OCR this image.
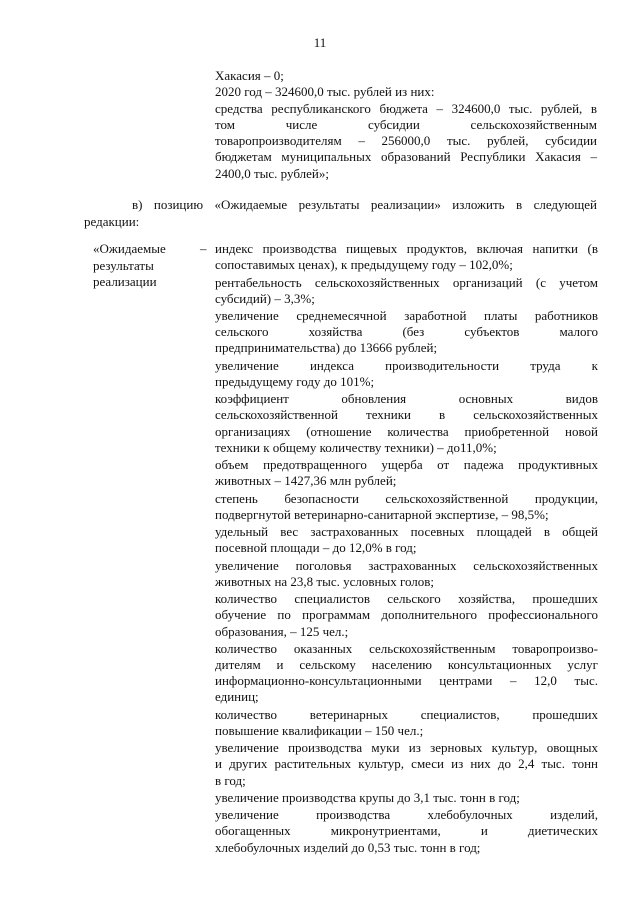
11
Хакасия – 0;
2020 год – 324600,0 тыс. рублей из них:
средства республиканского бюджета – 324600,0 тыс. рублей, в
том числе субсидии сельскохозяйственным
товаропроизводителям – 256000,0 тыс. рублей, субсидии
бюджетам муниципальных образований Республики Хакасия –
2400,0 тыс. рублей»;
в) позицию «Ожидаемые результаты реализации» изложить в следующей
редакции:
«Ожидаемые
результаты
реализации
– индекс производства пищевых продуктов, включая напитки (в
сопоставимых ценах), к предыдущему году – 102,0%;
рентабельность сельскохозяйственных организаций (с учетом
субсидий) – 3,3%;
увеличение среднемесячной заработной платы работников
сельского хозяйства (без субъектов малого
предпринимательства) до 13666 рублей;
увеличение индекса производительности труда к
предыдущему году до 101%;
коэффициент обновления основных видов
сельскохозяйственной техники в сельскохозяйственных
организациях (отношение количества приобретенной новой
техники к общему количеству техники) – до11,0%;
объем предотвращенного ущерба от падежа продуктивных
животных – 1427,36 млн рублей;
степень безопасности сельскохозяйственной продукции,
подвергнутой ветеринарно-санитарной экспертизе, – 98,5%;
удельный вес застрахованных посевных площадей в общей
посевной площади – до 12,0% в год;
увеличение поголовья застрахованных сельскохозяйственных
животных на 23,8 тыс. условных голов;
количество специалистов сельского хозяйства, прошедших
обучение по программам дополнительного профессионального
образования, – 125 чел.;
количество оказанных сельскохозяйственным товаропроизво-
дителям и сельскому населению консультационных услуг
информационно-консультационными центрами – 12,0 тыс.
единиц;
количество ветеринарных специалистов, прошедших
повышение квалификации – 150 чел.;
увеличение производства муки из зерновых культур, овощных
и других растительных культур, смеси из них до 2,4 тыс. тонн
в год;
увеличение производства крупы до 3,1 тыс. тонн в год;
увеличение производства хлебобулочных изделий,
обогащенных микронутриентами, и диетических
хлебобулочных изделий до 0,53 тыс. тонн в год;
